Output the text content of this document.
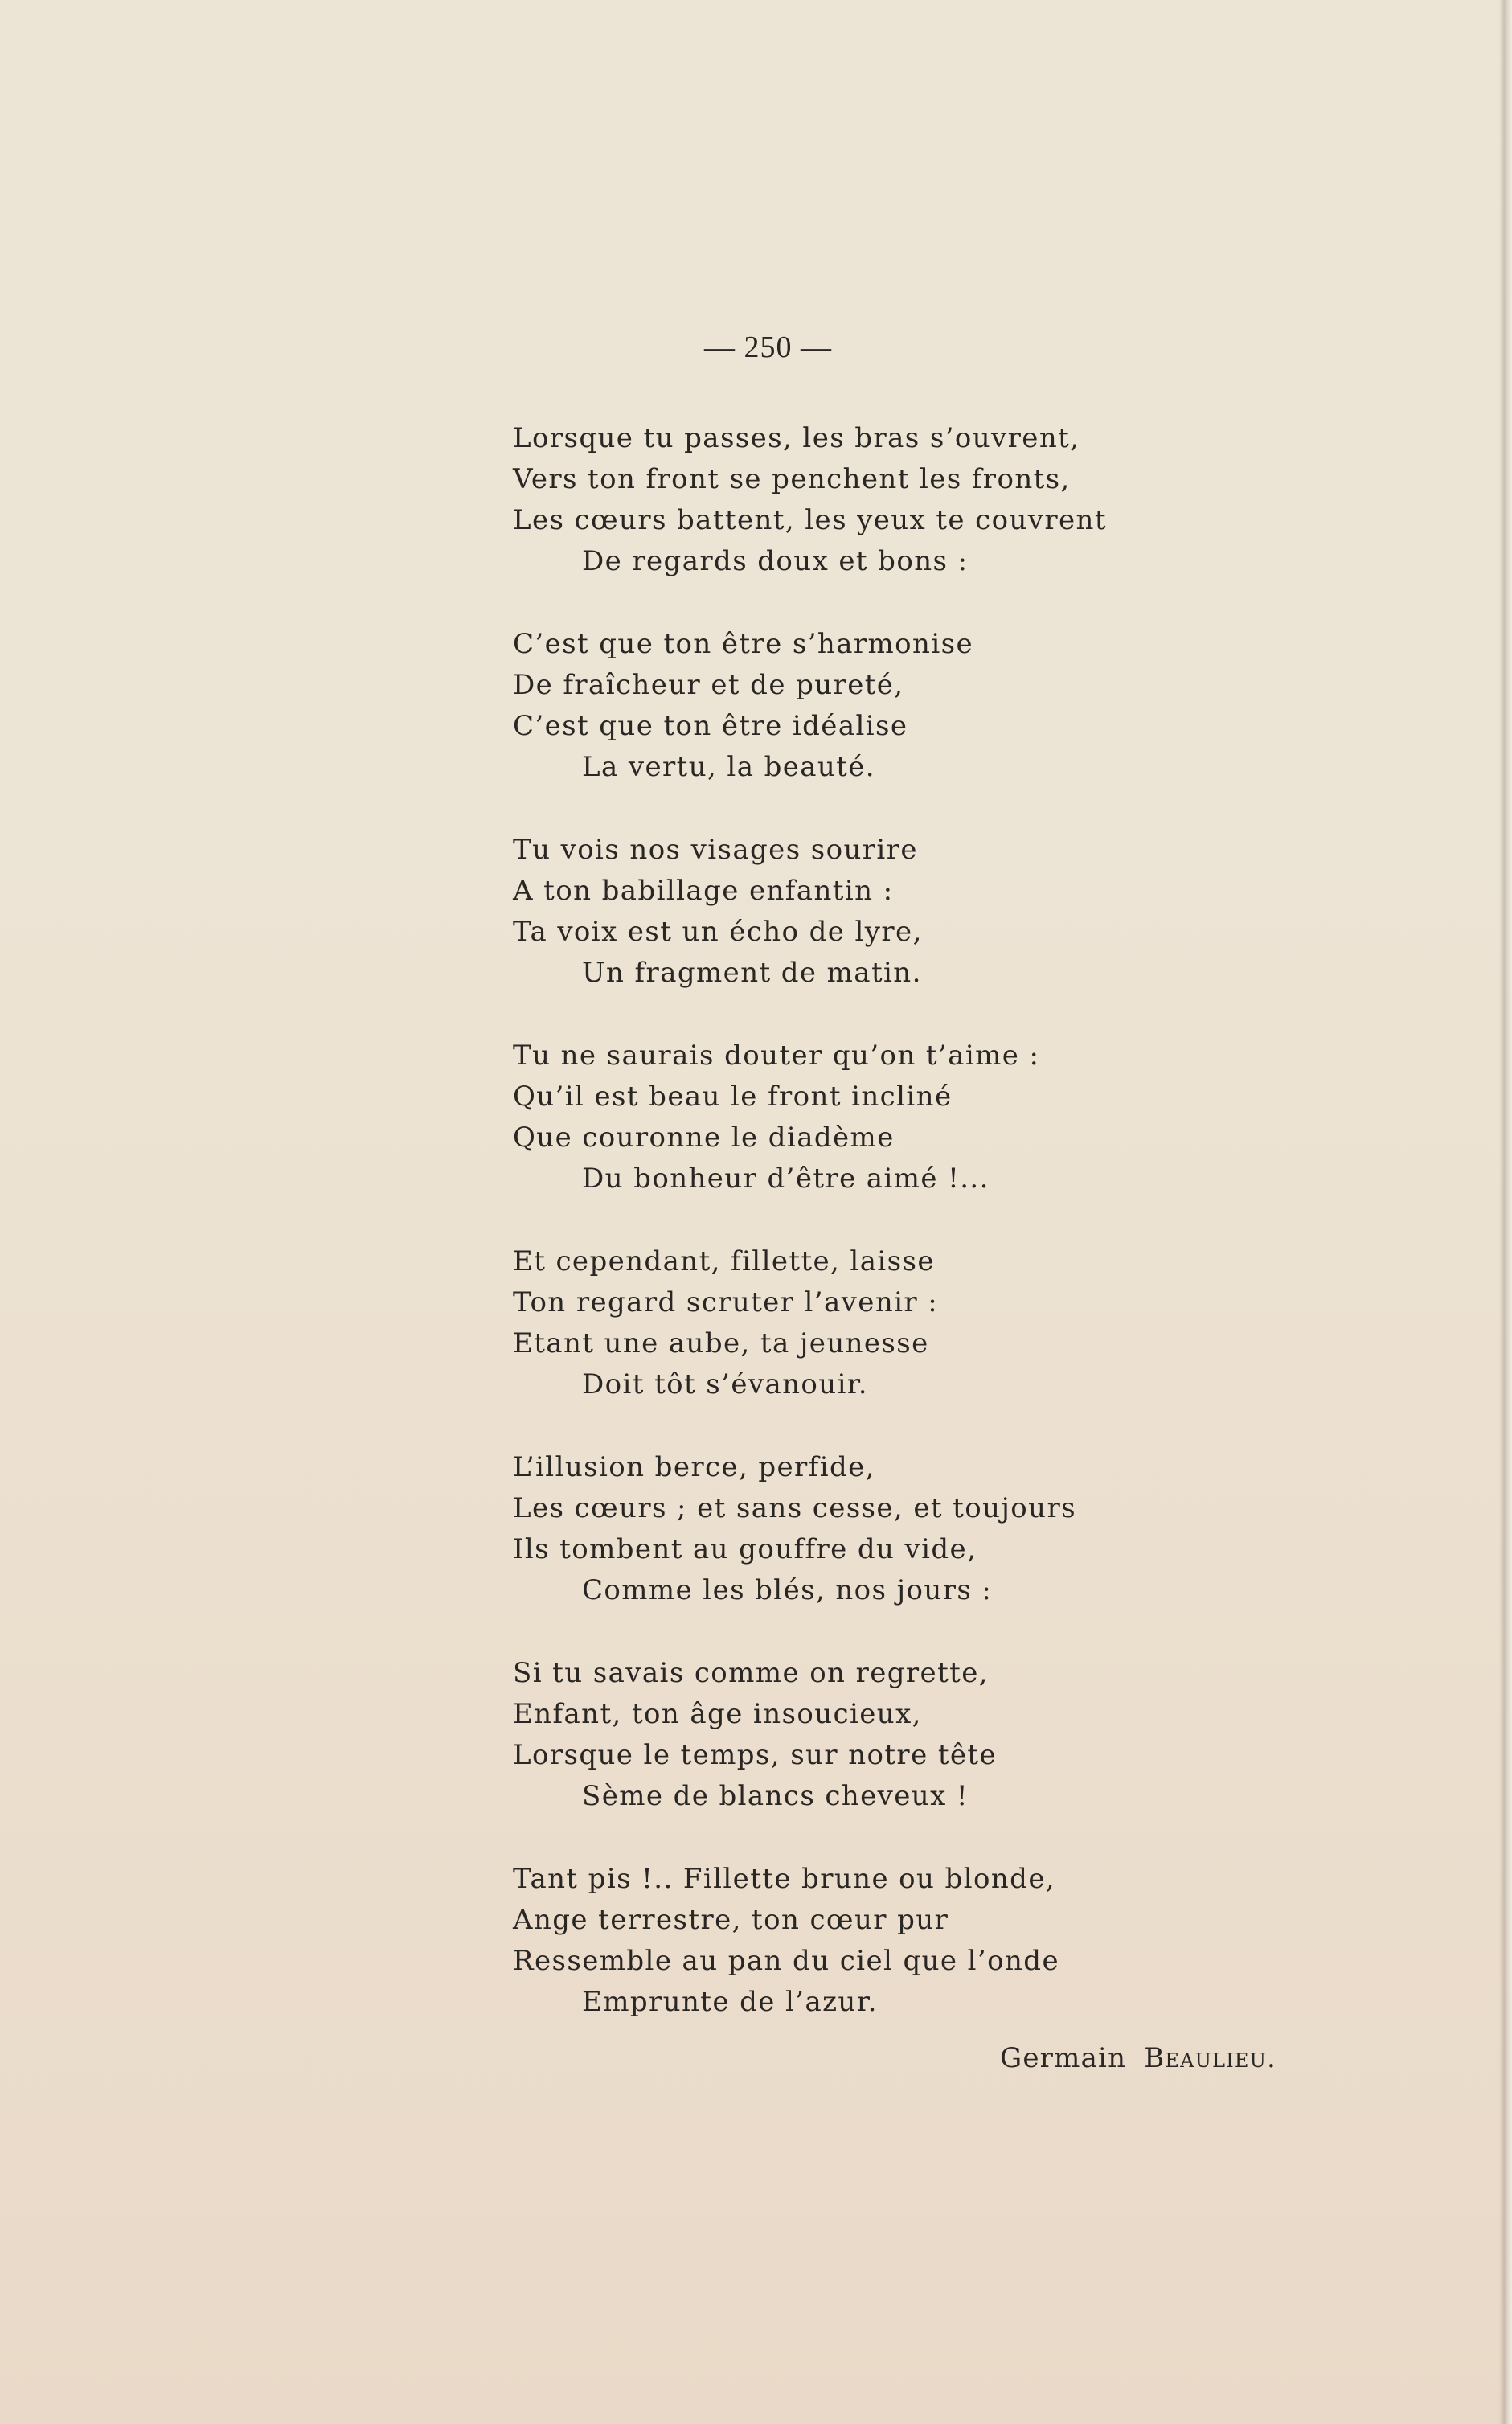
— 250 —
Lorsque tu passes, les bras s’ouvrent,
Vers ton front se penchent les fronts,
Les cœurs battent, les yeux te couvrent
De regards doux et bons :
C’est que ton être s’harmonise
De fraîcheur et de pureté,
C’est que ton être idéalise
La vertu, la beauté.
Tu vois nos visages sourire
A ton babillage enfantin :
Ta voix est un écho de lyre,
Un fragment de matin.
Tu ne saurais douter qu’on t’aime :
Qu’il est beau le front incliné
Que couronne le diadème
Du bonheur d’être aimé !...
Et cependant, fillette, laisse
Ton regard scruter l’avenir :
Etant une aube, ta jeunesse
Doit tôt s’évanouir.
L’illusion berce, perfide,
Les cœurs ; et sans cesse, et toujours
Ils tombent au gouffre du vide,
Comme les blés, nos jours :
Si tu savais comme on regrette,
Enfant, ton âge insoucieux,
Lorsque le temps, sur notre tête
Sème de blancs cheveux !
Tant pis !.. Fillette brune ou blonde,
Ange terrestre, ton cœur pur
Ressemble au pan du ciel que l’onde
Emprunte de l’azur.
Germain Beaulieu.
